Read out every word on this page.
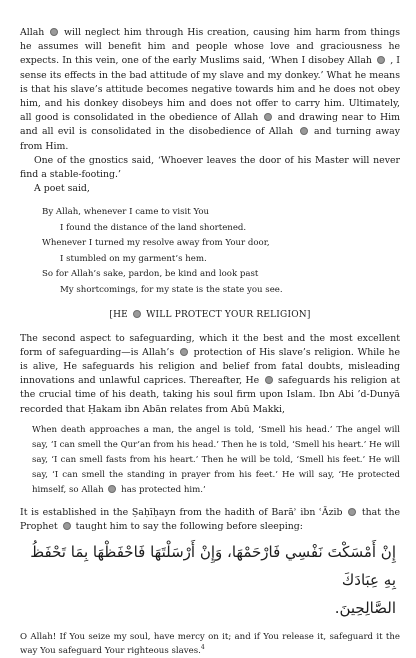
Allah  will neglect him through His creation, causing him harm from things he assumes will benefit him and people whose love and graciousness he expects. In this vein, one of the early Muslims said, ‘When I disobey Allah  , I sense its effects in the bad attitude of my slave and my donkey.’ What he means is that his slave’s attitude becomes negative towards him and he does not obey him, and his donkey disobeys him and does not offer to carry him. Ultimately, all good is consolidated in the obedience of Allah  and drawing near to Him and all evil is consolidated in the disobedience of Allah  and turning away from Him.

One of the gnostics said, ‘Whoever leaves the door of his Master will never find a stable-footing.’

A poet said,

By Allah, whenever I came to visit You
I found the distance of the land shortened.
Whenever I turned my resolve away from Your door,
I stumbled on my garment’s hem.
So for Allah’s sake, pardon, be kind and look past
My shortcomings, for my state is the state you see.
[HE  WILL PROTECT YOUR RELIGION]

The second aspect to safeguarding, which it the best and the most excellent form of safeguarding—is Allah’s  protection of His slave’s religion. While he is alive, He safeguards his religion and belief from fatal doubts, misleading innovations and unlawful caprices. Thereafter, He  safeguards his religion at the crucial time of his death, taking his soul firm upon Islam. Ibn Abi ’d-Dunyā recorded that Ḥakam ibn Abān relates from Abū Makki,

When death approaches a man, the angel is told, ‘Smell his head.’ The angel will say, ‘I can smell the Qur’an from his head.’ Then he is told, ‘Smell his heart.’ He will say, ‘I can smell fasts from his heart.’ Then he will be told, ‘Smell his feet.’ He will say, ‘I can smell the standing in prayer from his feet.’ He will say, ‘He protected himself, so Allah  has protected him.’

It is established in the Ṣaḥīḥayn from the hadith of Barāʾ ibn ʿĀzib  that the Prophet  taught him to say the following before sleeping:

إِنْ أَمْسَكْتَ نَفْسِي فَارْحَمْهَا، وَإِنْ أَرْسَلْتَهَا فَاحْفَظْهَا بِمَا تَحْفَظُ بِهِ عِبَادَكَ
الصَّالِحِينَ.

O Allah! If You seize my soul, have mercy on it; and if You release it, safeguard it the way You safeguard Your righteous slaves.$^4$
